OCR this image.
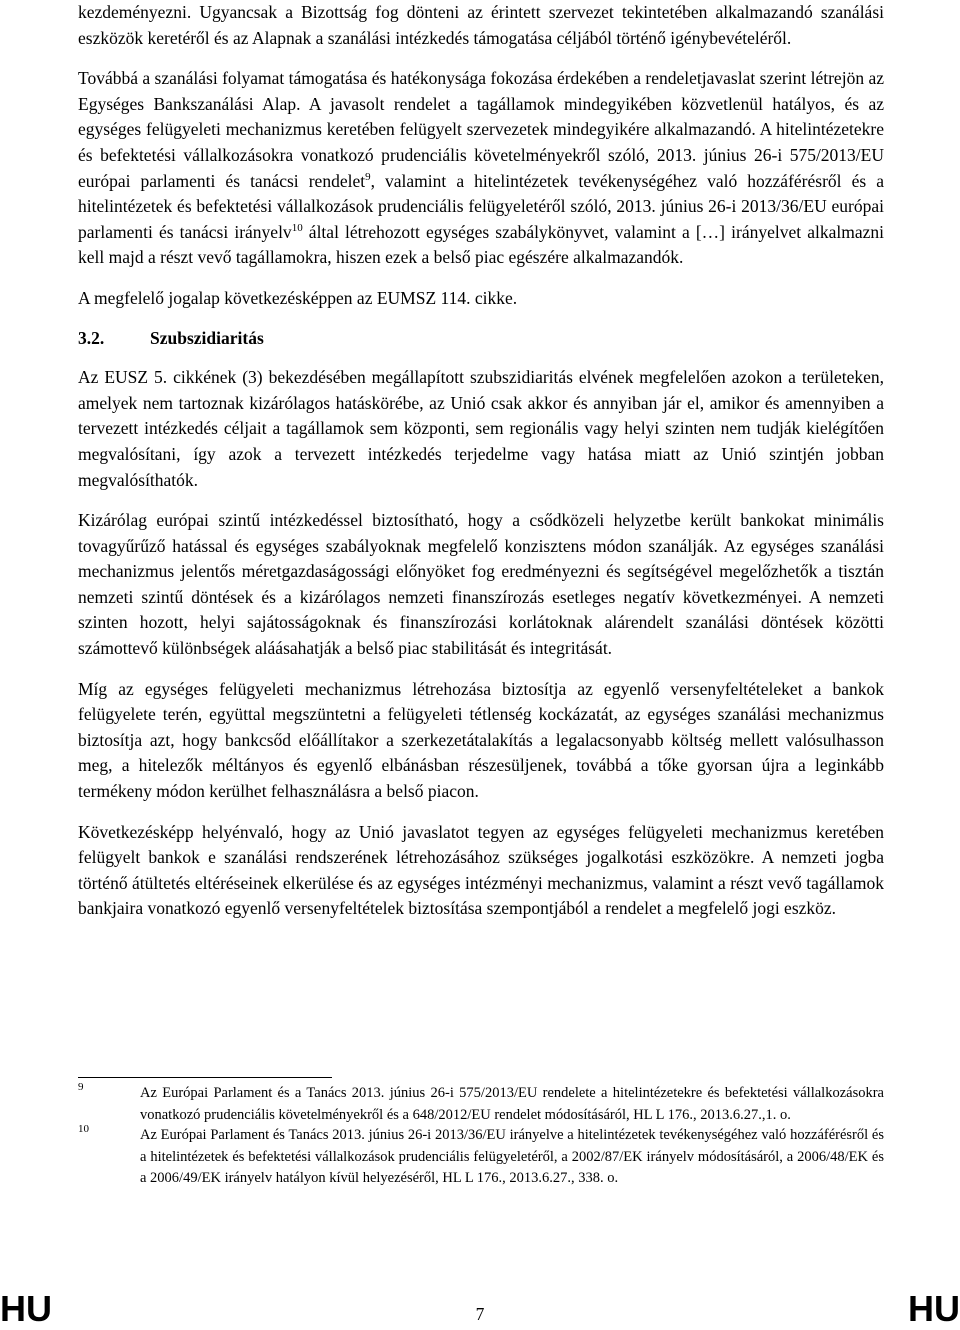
kezdeményezni. Ugyancsak a Bizottság fog dönteni az érintett szervezet tekintetében alkalmazandó szanálási eszközök keretéről és az Alapnak a szanálási intézkedés támogatása céljából történő igénybevételéről.

Továbbá a szanálási folyamat támogatása és hatékonysága fokozása érdekében a rendeletjavaslat szerint létrejön az Egységes Bankszanálási Alap. A javasolt rendelet a tagállamok mindegyikében közvetlenül hatályos, és az egységes felügyeleti mechanizmus keretében felügyelt szervezetek mindegyikére alkalmazandó. A hitelintézetekre és befektetési vállalkozásokra vonatkozó prudenciális követelményekről szóló, 2013. június 26-i 575/2013/EU európai parlamenti és tanácsi rendelet$^9$, valamint a hitelintézetek tevékenységéhez való hozzáférésről és a hitelintézetek és befektetési vállalkozások prudenciális felügyeletéről szóló, 2013. június 26-i 2013/36/EU európai parlamenti és tanácsi irányelv$^{10}$ által létrehozott egységes szabálykönyvet, valamint a […] irányelvet alkalmazni kell majd a részt vevő tagállamokra, hiszen ezek a belső piac egészére alkalmazandók.

A megfelelő jogalap következésképpen az EUMSZ 114. cikke.

3.2.	Szubszidiaritás

Az EUSZ 5. cikkének (3) bekezdésében megállapított szubszidiaritás elvének megfelelően azokon a területeken, amelyek nem tartoznak kizárólagos hatáskörébe, az Unió csak akkor és annyiban jár el, amikor és amennyiben a tervezett intézkedés céljait a tagállamok sem központi, sem regionális vagy helyi szinten nem tudják kielégítően megvalósítani, így azok a tervezett intézkedés terjedelme vagy hatása miatt az Unió szintjén jobban megvalósíthatók.

Kizárólag európai szintű intézkedéssel biztosítható, hogy a csődközeli helyzetbe került bankokat minimális tovagyűrűző hatással és egységes szabályoknak megfelelő konzisztens módon szanálják. Az egységes szanálási mechanizmus jelentős méretgazdaságossági előnyöket fog eredményezni és segítségével megelőzhetők a tisztán nemzeti szintű döntések és a kizárólagos nemzeti finanszírozás esetleges negatív következményei. A nemzeti szinten hozott, helyi sajátosságoknak és finanszírozási korlátoknak alárendelt szanálási döntések közötti számottevő különbségek aláásahatják a belső piac stabilitását és integritását.

Míg az egységes felügyeleti mechanizmus létrehozása biztosítja az egyenlő versenyfeltételeket a bankok felügyelete terén, együttal megszüntetni a felügyeleti tétlenség kockázatát, az egységes szanálási mechanizmus biztosítja azt, hogy bankcsőd előállítakor a szerkezetátalakítás a legalacsonyabb költség mellett valósulhasson meg, a hitelezők méltányos és egyenlő elbánásban részesüljenek, továbbá a tőke gyorsan újra a leginkább termékeny módon kerülhet felhasználásra a belső piacon.

Következésképp helyénvaló, hogy az Unió javaslatot tegyen az egységes felügyeleti mechanizmus keretében felügyelt bankok e szanálási rendszerének létrehozásához szükséges jogalkotási eszközökre. A nemzeti jogba történő átültetés eltéréseinek elkerülése és az egységes intézményi mechanizmus, valamint a részt vevő tagállamok bankjaira vonatkozó egyenlő versenyfeltételek biztosítása szempontjából a rendelet a megfelelő jogi eszköz.

9	Az Európai Parlament és a Tanács 2013. június 26-i 575/2013/EU rendelete a hitelintézetekre és befektetési vállalkozásokra vonatkozó prudenciális követelményekről és a 648/2012/EU rendelet módosításáról, HL L 176., 2013.6.27.,1. o.

10	Az Európai Parlament és Tanács 2013. június 26-i 2013/36/EU irányelve a hitelintézetek tevékenységéhez való hozzáférésről és a hitelintézetek és befektetési vállalkozások prudenciális felügyeletéről, a 2002/87/EK irányelv módosításáról, a 2006/48/EK és a 2006/49/EK irányelv hatályon kívül helyezéséről, HL L 176., 2013.6.27., 338. o.

HU	7	HU
